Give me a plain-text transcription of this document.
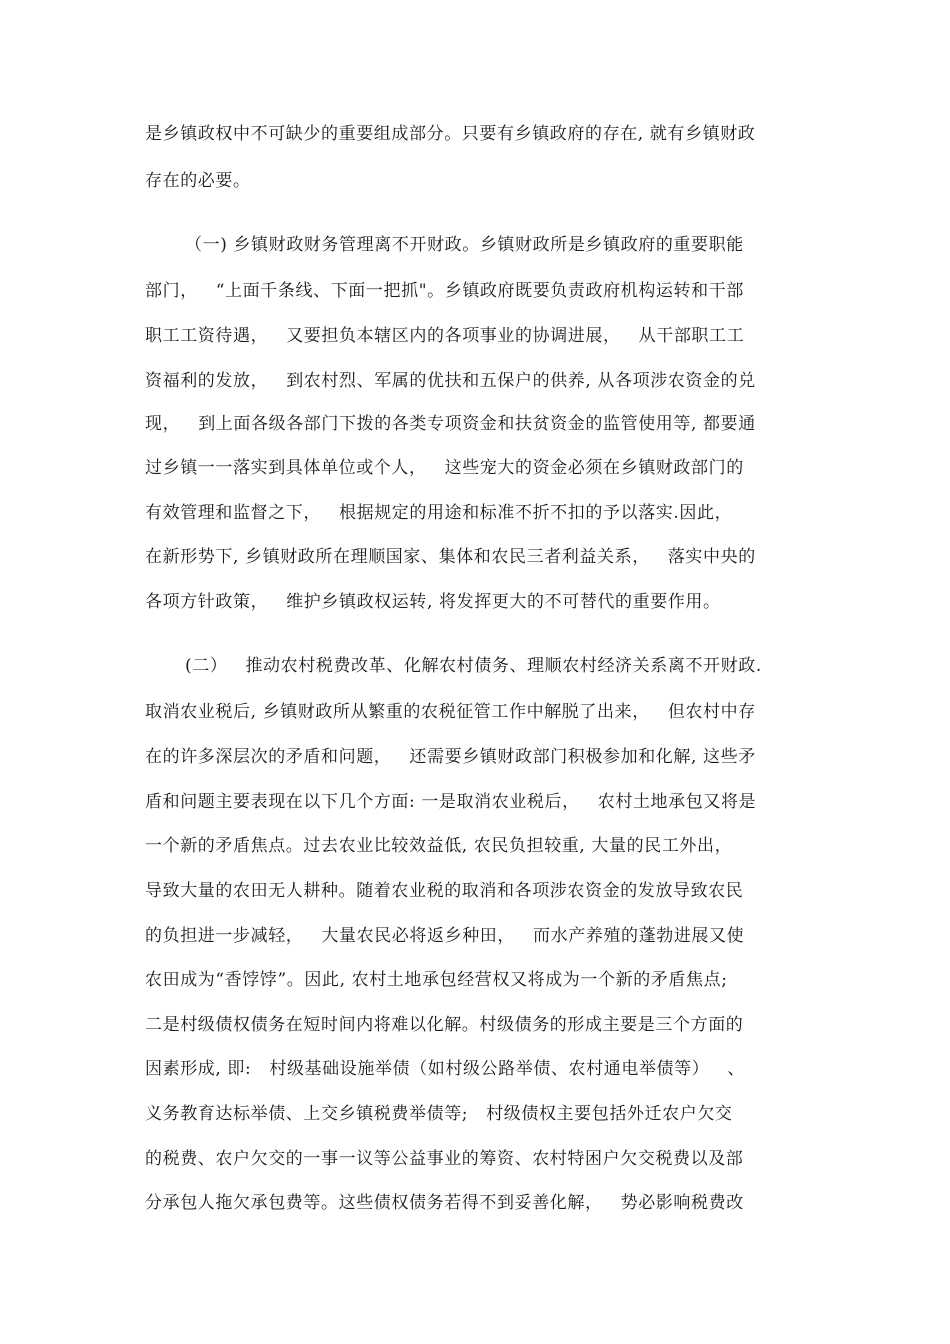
是乡镇政权中不可缺少的重要组成部分。只要有乡镇政府的存在, 就有乡镇财政
存在的必要。
（一) 乡镇财政财务管理离不开财政。乡镇财政所是乡镇政府的重要职能
部门，   “上面千条线、下面一把抓"。乡镇政府既要负责政府机构运转和干部
职工工资待遇，   又要担负本辖区内的各项事业的协调进展，   从干部职工工
资福利的发放，   到农村烈、军属的优扶和五保户的供养, 从各项涉农资金的兑
现，   到上面各级各部门下拨的各类专项资金和扶贫资金的监管使用等, 都要通
过乡镇一一落实到具体单位或个人，   这些宠大的资金必须在乡镇财政部门的
有效管理和监督之下，   根据规定的用途和标准不折不扣的予以落实.因此，
在新形势下, 乡镇财政所在理顺国家、集体和农民三者利益关系，   落实中央的
各项方针政策，   维护乡镇政权运转, 将发挥更大的不可替代的重要作用。
(二）   推动农村税费改革、化解农村债务、理顺农村经济关系离不开财政.
取消农业税后, 乡镇财政所从繁重的农税征管工作中解脱了出来，   但农村中存
在的许多深层次的矛盾和问题，   还需要乡镇财政部门积极参加和化解, 这些矛
盾和问题主要表现在以下几个方面: 一是取消农业税后，   农村土地承包又将是
一个新的矛盾焦点。过去农业比较效益低, 农民负担较重, 大量的民工外出，
导致大量的农田无人耕种。随着农业税的取消和各项涉农资金的发放导致农民
的负担进一步减轻，   大量农民必将返乡种田，   而水产养殖的蓬勃进展又使
农田成为“香饽饽”。因此, 农村土地承包经营权又将成为一个新的矛盾焦点;
二是村级债权债务在短时间内将难以化解。村级债务的形成主要是三个方面的
因素形成, 即:   村级基础设施举债（如村级公路举债、农村通电举债等）   、
义务教育达标举债、上交乡镇税费举债等;   村级债权主要包括外迁农户欠交
的税费、农户欠交的一事一议等公益事业的筹资、农村特困户欠交税费以及部
分承包人拖欠承包费等。这些债权债务若得不到妥善化解，   势必影响税费改
